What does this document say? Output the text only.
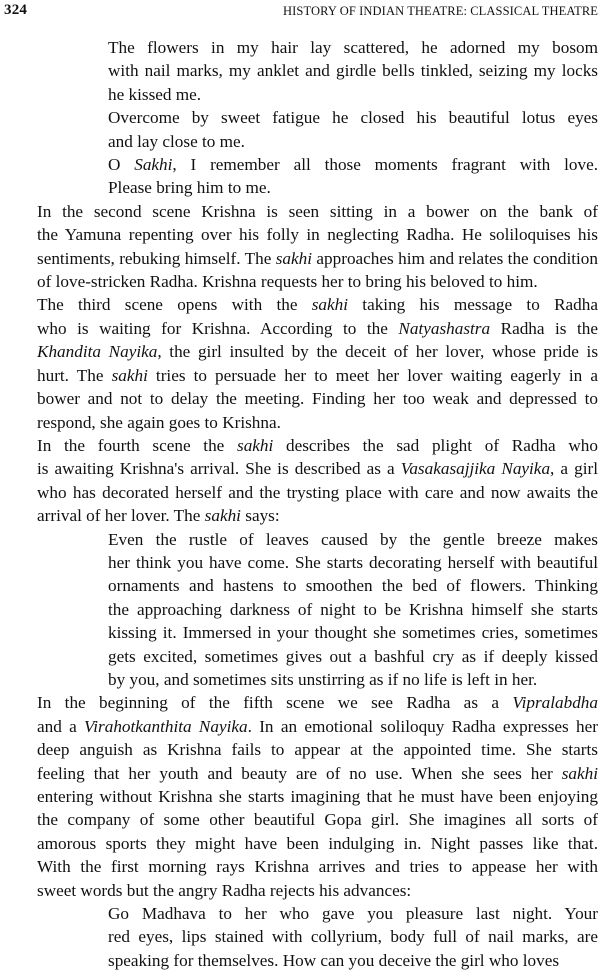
324	HISTORY OF INDIAN THEATRE: CLASSICAL THEATRE

The flowers in my hair lay scattered, he adorned my bosom
with nail marks, my anklet and girdle bells tinkled, seizing my locks
he kissed me.

Overcome by sweet fatigue he closed his beautiful lotus eyes
and lay close to me.

O Sakhi, I remember all those moments fragrant with love.
Please bring him to me.

In the second scene Krishna is seen sitting in a bower on the bank of
the Yamuna repenting over his folly in neglecting Radha. He soliloquises his
sentiments, rebuking himself. The sakhi approaches him and relates the condition
of love-stricken Radha. Krishna requests her to bring his beloved to him.

The third scene opens with the sakhi taking his message to Radha
who is waiting for Krishna. According to the Natyashastra Radha is the
Khandita Nayika, the girl insulted by the deceit of her lover, whose pride is
hurt. The sakhi tries to persuade her to meet her lover waiting eagerly in a
bower and not to delay the meeting. Finding her too weak and depressed to
respond, she again goes to Krishna.

In the fourth scene the sakhi describes the sad plight of Radha who
is awaiting Krishna's arrival. She is described as a Vasakasajjika Nayika, a girl
who has decorated herself and the trysting place with care and now awaits the
arrival of her lover. The sakhi says:

Even the rustle of leaves caused by the gentle breeze makes
her think you have come. She starts decorating herself with beautiful
ornaments and hastens to smoothen the bed of flowers. Thinking
the approaching darkness of night to be Krishna himself she starts
kissing it. Immersed in your thought she sometimes cries, sometimes
gets excited, sometimes gives out a bashful cry as if deeply kissed
by you, and sometimes sits unstirring as if no life is left in her.

In the beginning of the fifth scene we see Radha as a Vipralabdha
and a Virahotkanthita Nayika. In an emotional soliloquy Radha expresses her
deep anguish as Krishna fails to appear at the appointed time. She starts
feeling that her youth and beauty are of no use. When she sees her sakhi
entering without Krishna she starts imagining that he must have been enjoying
the company of some other beautiful Gopa girl. She imagines all sorts of
amorous sports they might have been indulging in. Night passes like that.
With the first morning rays Krishna arrives and tries to appease her with
sweet words but the angry Radha rejects his advances:

Go Madhava to her who gave you pleasure last night. Your
red eyes, lips stained with collyrium, body full of nail marks, are
speaking for themselves. How can you deceive the girl who loves
